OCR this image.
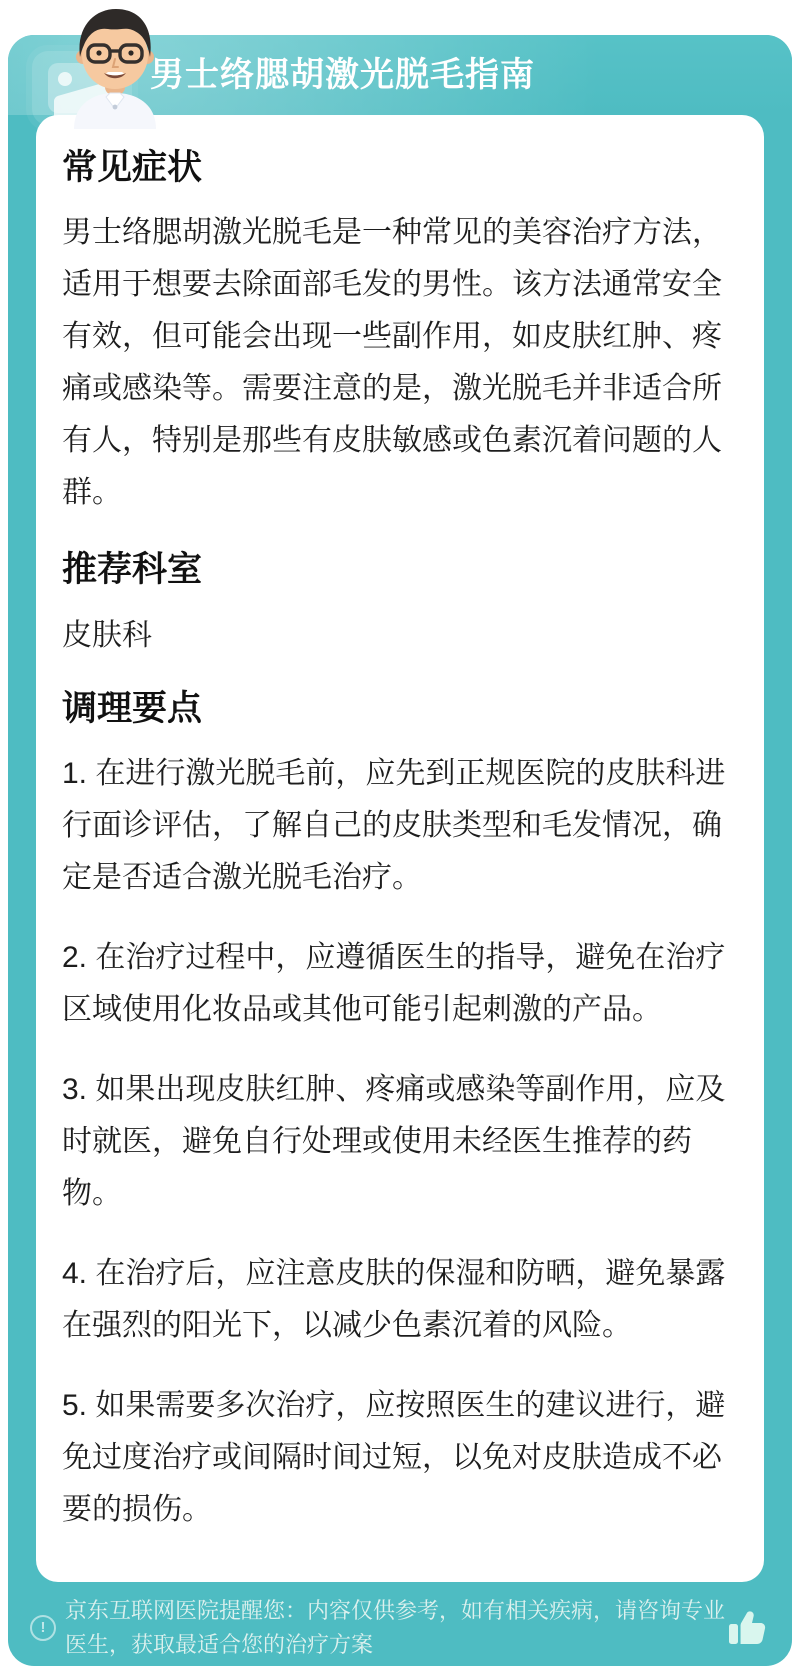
男士络腮胡激光脱毛指南
常见症状

男士络腮胡激光脱毛是一种常见的美容治疗方法，适用于想要去除面部毛发的男性。该方法通常安全有效，但可能会出现一些副作用，如皮肤红肿、疼痛或感染等。需要注意的是，激光脱毛并非适合所有人，特别是那些有皮肤敏感或色素沉着问题的人群。

推荐科室

皮肤科

调理要点

1. 在进行激光脱毛前，应先到正规医院的皮肤科进行面诊评估，了解自己的皮肤类型和毛发情况，确定是否适合激光脱毛治疗。

2. 在治疗过程中，应遵循医生的指导，避免在治疗区域使用化妆品或其他可能引起刺激的产品。

3. 如果出现皮肤红肿、疼痛或感染等副作用，应及时就医，避免自行处理或使用未经医生推荐的药物。

4. 在治疗后，应注意皮肤的保湿和防晒，避免暴露在强烈的阳光下，以减少色素沉着的风险。

5. 如果需要多次治疗，应按照医生的建议进行，避免过度治疗或间隔时间过短，以免对皮肤造成不必要的损伤。

!
京东互联网医院提醒您：内容仅供参考，如有相关疾病，请咨询专业医生，获取最适合您的治疗方案
